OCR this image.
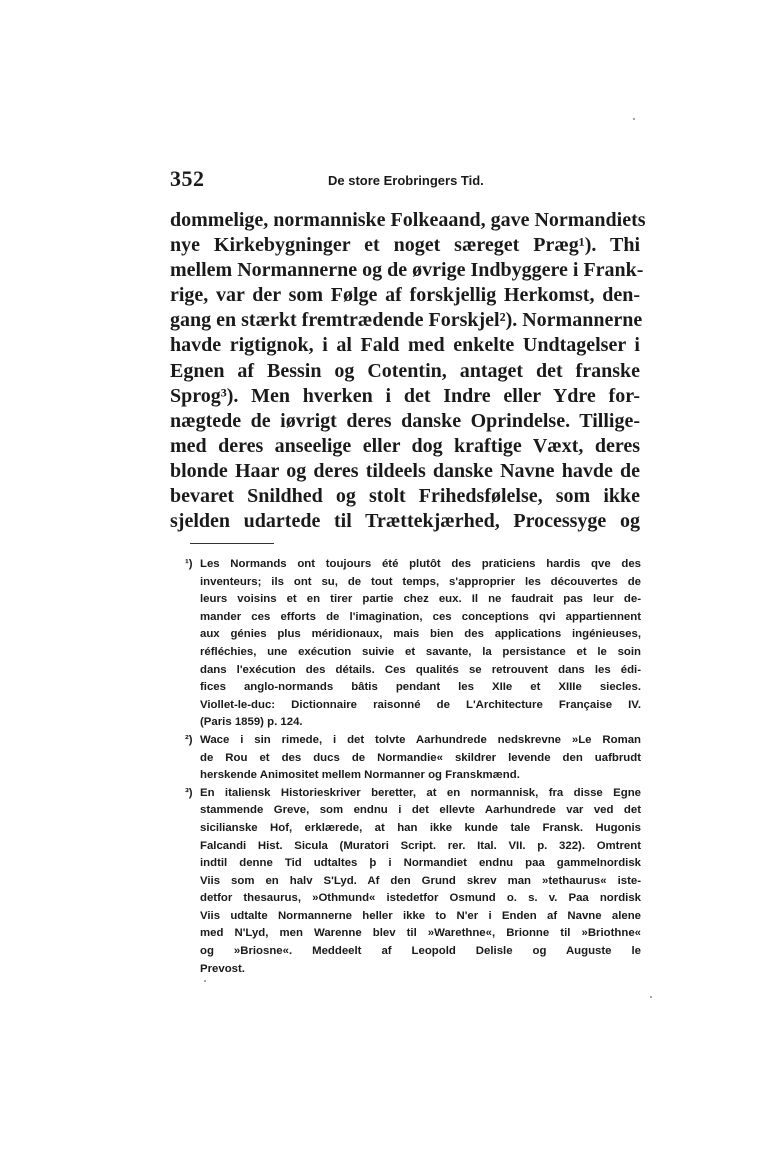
352	De store Erobringers Tid.
dommelige, normanniske Folkeaand, gave Normandiets
nye Kirkebygninger et noget særeget Præg¹). Thi
mellem Normannerne og de øvrige Indbyggere i Frank-
rige, var der som Følge af forskjellig Herkomst, den-
gang en stærkt fremtrædende Forskjel²). Normannerne
havde rigtignok, i al Fald med enkelte Undtagelser i
Egnen af Bessin og Cotentin, antaget det franske
Sprog³). Men hverken i det Indre eller Ydre for-
nægtede de iøvrigt deres danske Oprindelse. Tillige-
med deres anseelige eller dog kraftige Væxt, deres
blonde Haar og deres tildeels danske Navne havde de
bevaret Snildhed og stolt Frihedsfølelse, som ikke
sjelden udartede til Trættekjærhed, Processyge og
¹) Les Normands ont toujours été plutôt des praticiens hardis qve des
inventeurs; ils ont su, de tout temps, s'approprier les découvertes de
leurs voisins et en tirer partie chez eux. Il ne faudrait pas leur de-
mander ces efforts de l'imagination, ces conceptions qvi appartiennent
aux génies plus méridionaux, mais bien des applications ingénieuses,
réfléchies, une exécution suivie et savante, la persistance et le soin
dans l'exécution des détails. Ces qualités se retrouvent dans les édi-
fices anglo-normands bâtis pendant les XIIe et XIIIe siecles.
Viollet-le-duc: Dictionnaire raisonné de L'Architecture Française IV.
(Paris 1859) p. 124.
²) Wace i sin rimede, i det tolvte Aarhundrede nedskrevne »Le Roman
de Rou et des ducs de Normandie« skildrer levende den uafbrudt
herskende Animositet mellem Normanner og Franskmænd.
³) En italiensk Historieskriver beretter, at en normannisk, fra disse Egne
stammende Greve, som endnu i det ellevte Aarhundrede var ved det
sicilianske Hof, erklærede, at han ikke kunde tale Fransk. Hugonis
Falcandi Hist. Sicula (Muratori Script. rer. Ital. VII. p. 322). Omtrent
indtil denne Tid udtaltes þ i Normandiet endnu paa gammelnordisk
Viis som en halv S'Lyd. Af den Grund skrev man »tethaurus« iste-
detfor thesaurus, »Othmund« istedetfor Osmund o. s. v. Paa nordisk
Viis udtalte Normannerne heller ikke to N'er i Enden af Navne alene
med N'Lyd, men Warenne blev til »Warethne«, Brionne til »Briothne«
og »Briosne«. Meddeelt af Leopold Delisle og Auguste le
Prevost.
